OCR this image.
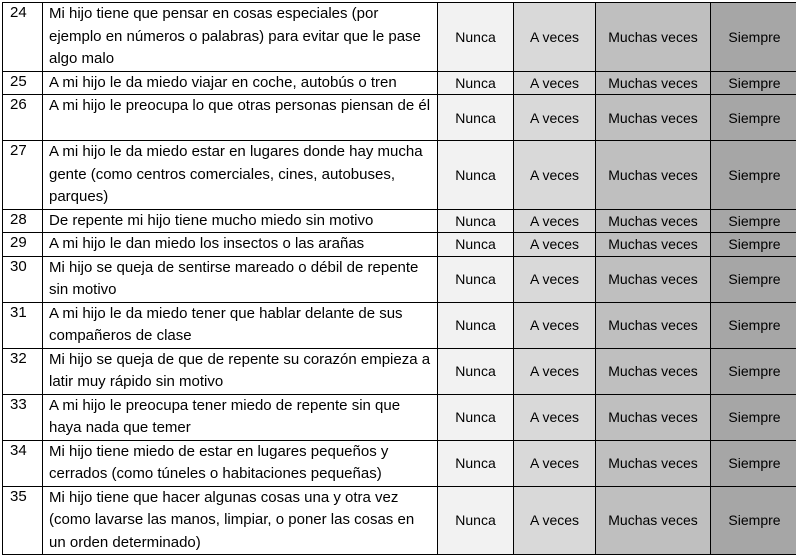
24	Mi hijo tiene que pensar en cosas especiales (por ejemplo en números o palabras) para evitar que le pase algo malo	Nunca	A veces	Muchas veces	Siempre
25	A mi hijo le da miedo viajar en coche, autobús o tren	Nunca	A veces	Muchas veces	Siempre
26	A mi hijo le preocupa lo que otras personas piensan de él	Nunca	A veces	Muchas veces	Siempre
27	A mi hijo le da miedo estar en lugares donde hay mucha gente (como centros comerciales, cines, autobuses, parques)	Nunca	A veces	Muchas veces	Siempre
28	De repente mi hijo tiene mucho miedo sin motivo	Nunca	A veces	Muchas veces	Siempre
29	A mi hijo le dan miedo los insectos o las arañas	Nunca	A veces	Muchas veces	Siempre
30	Mi hijo se queja de sentirse mareado o débil de repente sin motivo	Nunca	A veces	Muchas veces	Siempre
31	A mi hijo le da miedo tener que hablar delante de sus compañeros de clase	Nunca	A veces	Muchas veces	Siempre
32	Mi hijo se queja de que de repente su corazón empieza a latir muy rápido sin motivo	Nunca	A veces	Muchas veces	Siempre
33	A mi hijo le preocupa tener miedo de repente sin que haya nada que temer	Nunca	A veces	Muchas veces	Siempre
34	Mi hijo tiene miedo de estar en lugares pequeños y cerrados (como túneles o habitaciones pequeñas)	Nunca	A veces	Muchas veces	Siempre
35	Mi hijo tiene que hacer algunas cosas una y otra vez (como lavarse las manos, limpiar, o poner las cosas en un orden determinado)	Nunca	A veces	Muchas veces	Siempre
